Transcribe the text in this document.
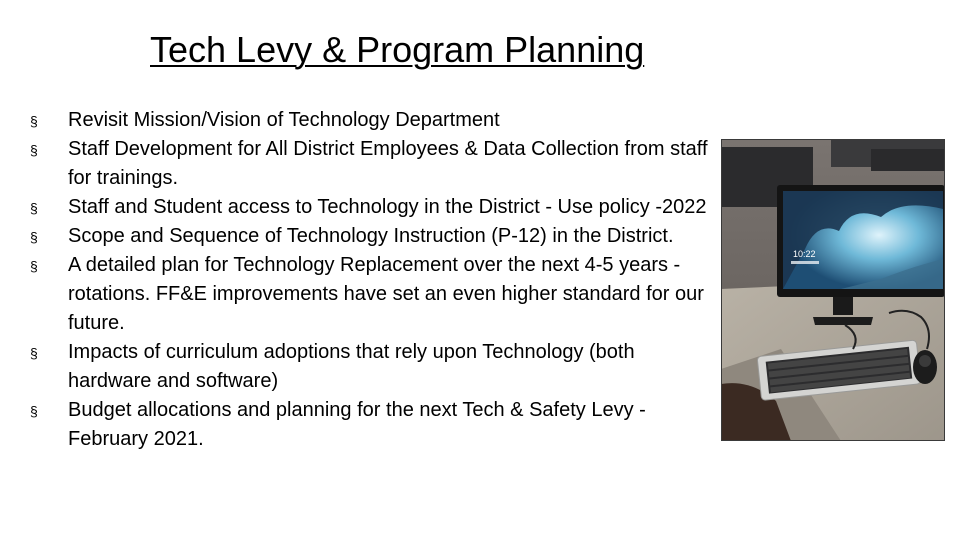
Tech Levy & Program Planning
§ Revisit Mission/Vision of Technology Department
§ Staff Development for All District Employees & Data Collection from staff for trainings.
§ Staff and Student access to Technology in the District - Use policy -2022
§ Scope and Sequence of Technology Instruction (P-12) in the District.
§ A detailed plan for Technology Replacement over the next 4-5 years - rotations. FF&E improvements have set an even higher standard for our future.
§ Impacts of curriculum adoptions that rely upon Technology (both hardware and software)
§ Budget allocations and planning for the next Tech & Safety Levy -February 2021.
10:22
